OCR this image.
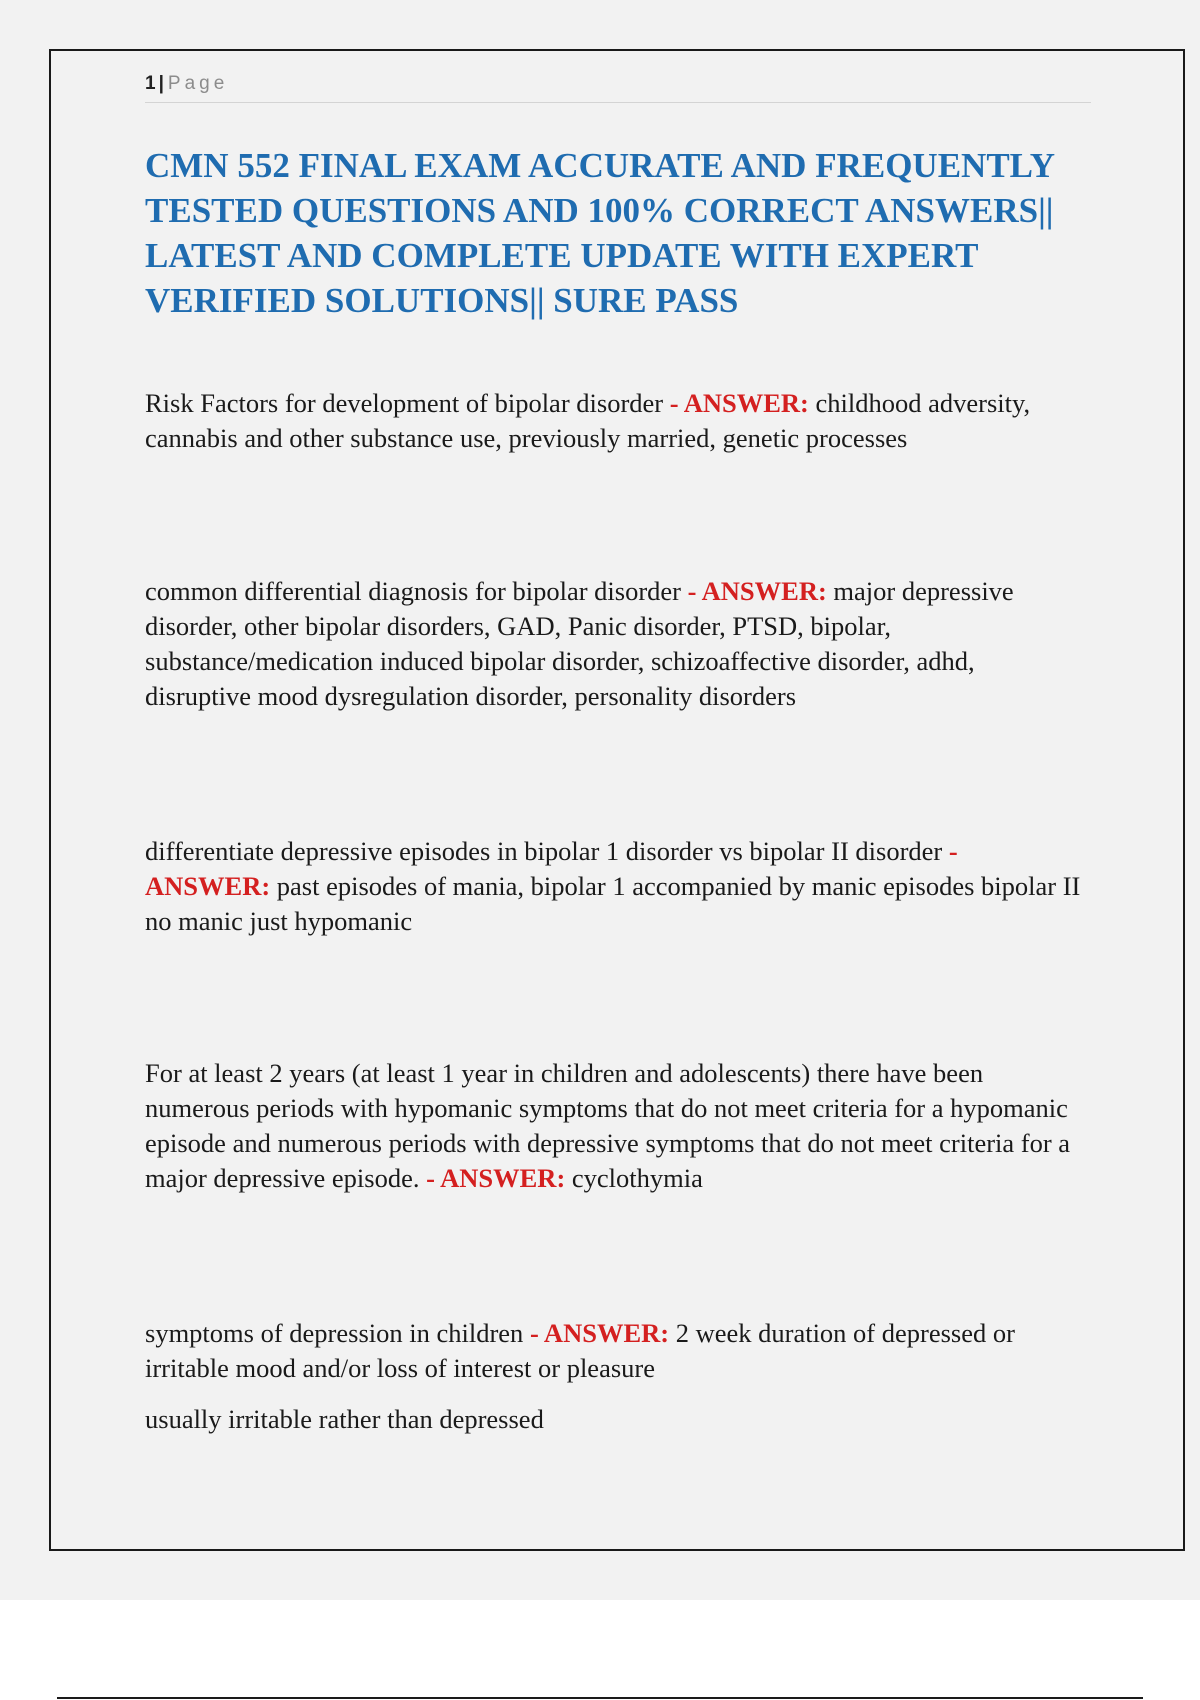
1 | Page
CMN 552 FINAL EXAM ACCURATE AND FREQUENTLY TESTED QUESTIONS AND 100% CORRECT ANSWERS|| LATEST AND COMPLETE UPDATE WITH EXPERT VERIFIED SOLUTIONS|| SURE PASS

Risk Factors for development of bipolar disorder - ANSWER: childhood adversity, cannabis and other substance use, previously married, genetic processes

common differential diagnosis for bipolar disorder - ANSWER: major depressive disorder, other bipolar disorders, GAD, Panic disorder, PTSD, bipolar, substance/medication induced bipolar disorder, schizoaffective disorder, adhd, disruptive mood dysregulation disorder, personality disorders

differentiate depressive episodes in bipolar 1 disorder vs bipolar II disorder - ANSWER: past episodes of mania, bipolar 1 accompanied by manic episodes bipolar II no manic just hypomanic

For at least 2 years (at least 1 year in children and adolescents) there have been numerous periods with hypomanic symptoms that do not meet criteria for a hypomanic episode and numerous periods with depressive symptoms that do not meet criteria for a major depressive episode. - ANSWER: cyclothymia

symptoms of depression in children - ANSWER: 2 week duration of depressed or irritable mood and/or loss of interest or pleasure

usually irritable rather than depressed
